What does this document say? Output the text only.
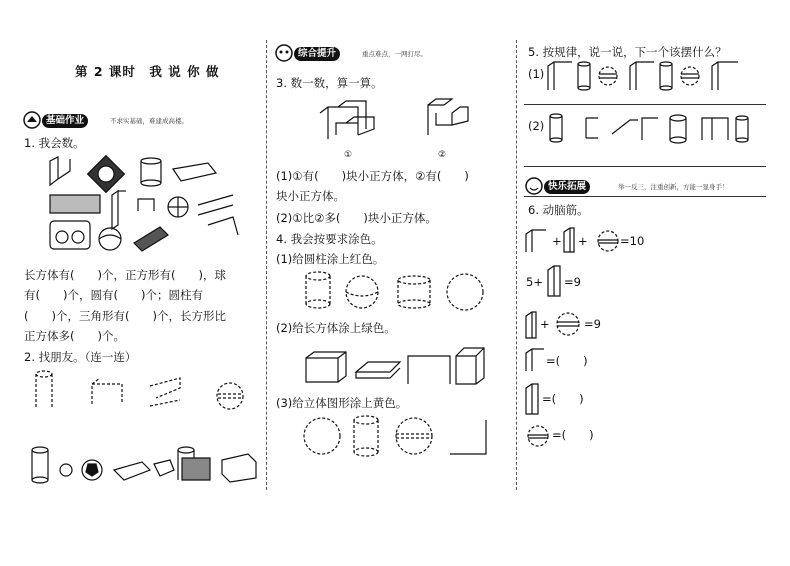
第 2 课时　我 说 你 做
基础作业	不求实基础，难建成高楼。
1. 我会数。
长方体有(　　)个，正方形有(　　)，球
有(　　)个，圆有(　　)个；圆柱有
(　　)个，三角形有(　　)个，长方形比
正方体多(　　)个。
2. 找朋友。（连一连）
综合提升	重点难点，一网打尽。
3. 数一数，算一算。
①	②
(1)①有(　　)块小正方体，②有(　　)
块小正方体。
(2)①比②多(　　)块小正方体。
4. 我会按要求涂色。
(1)给圆柱涂上红色。
(2)给长方体涂上绿色。
(3)给立体图形涂上黄色。
5. 按规律，说一说，下一个该摆什么？
(1)
(2)
快乐拓展	举一反三，注重创新，方能一显身手！
6. 动脑筋。
+ +	=10
5+ =9
+	=9
=(　　)
=(　　)
=(　　)
